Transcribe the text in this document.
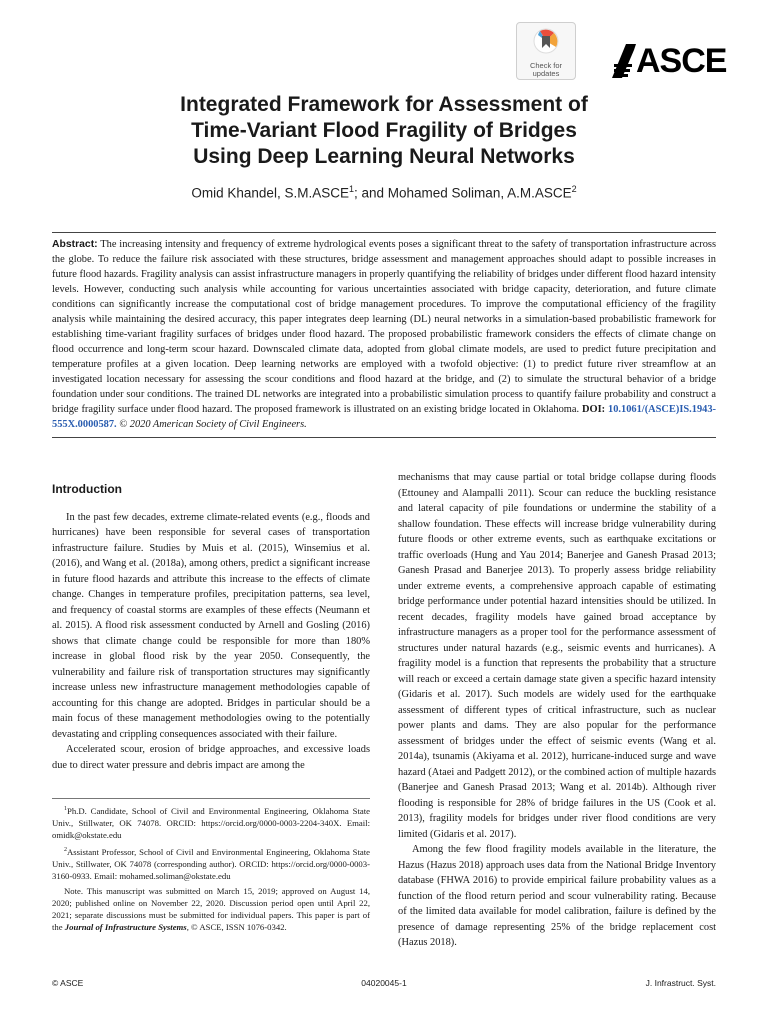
Check for
updates	ASCE
Integrated Framework for Assessment of
Time-Variant Flood Fragility of Bridges
Using Deep Learning Neural Networks
Omid Khandel, S.M.ASCE$^1$; and Mohamed Soliman, A.M.ASCE$^2$

Abstract: The increasing intensity and frequency of extreme hydrological events poses a significant threat to the safety of transportation infrastructure across the globe. To reduce the failure risk associated with these structures, bridge assessment and management approaches should adapt to possible increases in future flood hazards. Fragility analysis can assist infrastructure managers in properly quantifying the reliability of bridges under different flood hazard intensity levels. However, conducting such analysis while accounting for various uncertainties associated with bridge capacity, deterioration, and future climate conditions can significantly increase the computational cost of bridge management procedures. To improve the computational efficiency of the fragility analysis while maintaining the desired accuracy, this paper integrates deep learning (DL) neural networks in a simulation-based probabilistic framework for establishing time-variant fragility surfaces of bridges under flood hazard. The proposed probabilistic framework considers the effects of climate change on flood occurrence and long-term scour hazard. Downscaled climate data, adopted from global climate models, are used to predict future precipitation and temperature profiles at a given location. Deep learning networks are employed with a twofold objective: (1) to predict future river streamflow at an investigated location necessary for assessing the scour conditions and flood hazard at the bridge, and (2) to simulate the structural behavior of a bridge foundation under sour conditions. The trained DL networks are integrated into a probabilistic simulation process to quantify failure probability and construct a bridge fragility surface under flood hazard. The proposed framework is illustrated on an existing bridge located in Oklahoma. DOI: 10.1061/(ASCE)IS.1943-555X.0000587. © 2020 American Society of Civil Engineers.

Introduction

In the past few decades, extreme climate-related events (e.g., floods and hurricanes) have been responsible for several cases of transportation infrastructure failure. Studies by Muis et al. (2015), Winsemius et al. (2016), and Wang et al. (2018a), among others, predict a significant increase in future flood hazards and attribute this increase to the effects of climate change. Changes in temperature profiles, precipitation patterns, sea level, and frequency of coastal storms are examples of these effects (Neumann et al. 2015). A flood risk assessment conducted by Arnell and Gosling (2016) shows that climate change could be responsible for more than 180% increase in global flood risk by the year 2050. Consequently, the vulnerability and failure risk of transportation structures may significantly increase unless new infrastructure management methodologies capable of accounting for this change are adopted. Bridges in particular should be a main focus of these management methodologies owing to the potentially devastating and crippling consequences associated with their failure.

Accelerated scour, erosion of bridge approaches, and excessive loads due to direct water pressure and debris impact are among the

$^1$Ph.D. Candidate, School of Civil and Environmental Engineering, Oklahoma State Univ., Stillwater, OK 74078. ORCID: https://orcid.org/0000-0003-2204-340X. Email: omidk@okstate.edu

$^2$Assistant Professor, School of Civil and Environmental Engineering, Oklahoma State Univ., Stillwater, OK 74078 (corresponding author). ORCID: https://orcid.org/0000-0003-3160-0933. Email: mohamed.soliman@okstate.edu

Note. This manuscript was submitted on March 15, 2019; approved on August 14, 2020; published online on November 22, 2020. Discussion period open until April 22, 2021; separate discussions must be submitted for individual papers. This paper is part of the Journal of Infrastructure Systems, © ASCE, ISSN 1076-0342.

mechanisms that may cause partial or total bridge collapse during floods (Ettouney and Alampalli 2011). Scour can reduce the buckling resistance and lateral capacity of pile foundations or undermine the stability of a shallow foundation. These effects will increase bridge vulnerability during future floods or other extreme events, such as earthquake excitations or traffic overloads (Hung and Yau 2014; Banerjee and Ganesh Prasad 2013; Ganesh Prasad and Banerjee 2013). To properly assess bridge reliability under extreme events, a comprehensive approach capable of estimating bridge performance under potential hazard intensities should be utilized. In recent decades, fragility models have gained broad acceptance by infrastructure managers as a proper tool for the performance assessment of structures under natural hazards (e.g., seismic events and hurricanes). A fragility model is a function that represents the probability that a structure will reach or exceed a certain damage state given a specific hazard intensity (Gidaris et al. 2017). Such models are widely used for the earthquake assessment of different types of critical infrastructure, such as nuclear power plants and dams. They are also popular for the performance assessment of bridges under the effect of seismic events (Wang et al. 2014a), tsunamis (Akiyama et al. 2012), hurricane-induced surge and wave hazard (Ataei and Padgett 2012), or the combined action of multiple hazards (Banerjee and Ganesh Prasad 2013; Wang et al. 2014b). Although river flooding is responsible for 28% of bridge failures in the US (Cook et al. 2013), fragility models for bridges under river flood conditions are very limited (Gidaris et al. 2017).

Among the few flood fragility models available in the literature, the Hazus (Hazus 2018) approach uses data from the National Bridge Inventory database (FHWA 2016) to provide empirical failure probability values as a function of the flood return period and scour vulnerability rating. Because of the limited data available for model calibration, failure is defined by the presence of damage representing 25% of the bridge replacement cost (Hazus 2018).

© ASCE	04020045-1	J. Infrastruct. Syst.
